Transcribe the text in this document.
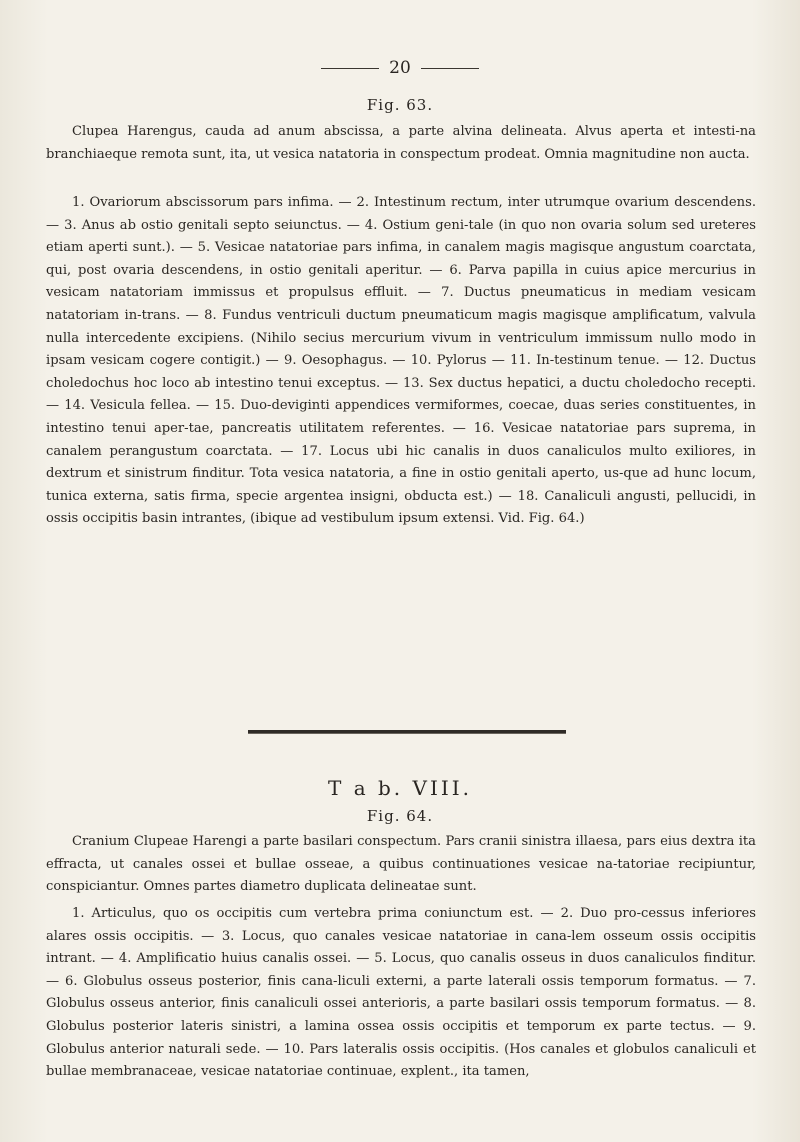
20
Fig. 63.

Clupea Harengus, cauda ad anum abscissa, a parte alvina delineata. Alvus aperta et intesti-na branchiaeque remota sunt, ita, ut vesica natatoria in conspectum prodeat. Omnia magnitudine non aucta.

1. Ovariorum abscissorum pars infima. — 2. Intestinum rectum, inter utrumque ovarium descendens. — 3. Anus ab ostio genitali septo seiunctus. — 4. Ostium geni-tale (in quo non ovaria solum sed ureteres etiam aperti sunt.). — 5. Vesicae natatoriae pars infima, in canalem magis magisque angustum coarctata, qui, post ovaria descendens, in ostio genitali aperitur. — 6. Parva papilla in cuius apice mercurius in vesicam natatoriam immissus et propulsus effluit. — 7. Ductus pneumaticus in mediam vesicam natatoriam in-trans. — 8. Fundus ventriculi ductum pneumaticum magis magisque amplificatum, valvula nulla intercedente excipiens. (Nihilo secius mercurium vivum in ventriculum immissum nullo modo in ipsam vesicam cogere contigit.) — 9. Oesophagus. — 10. Pylorus — 11. In-testinum tenue. — 12. Ductus choledochus hoc loco ab intestino tenui exceptus. — 13. Sex ductus hepatici, a ductu choledocho recepti. — 14. Vesicula fellea. — 15. Duo-deviginti appendices vermiformes, coecae, duas series constituentes, in intestino tenui aper-tae, pancreatis utilitatem referentes. — 16. Vesicae natatoriae pars suprema, in canalem perangustum coarctata. — 17. Locus ubi hic canalis in duos canaliculos multo exiliores, in dextrum et sinistrum finditur. Tota vesica natatoria, a fine in ostio genitali aperto, us-que ad hunc locum, tunica externa, satis firma, specie argentea insigni, obducta est.) — 18. Canaliculi angusti, pellucidi, in ossis occipitis basin intrantes, (ibique ad vestibulum ipsum extensi. Vid. Fig. 64.)

T a b. VIII.
Fig. 64.

Cranium Clupeae Harengi a parte basilari conspectum. Pars cranii sinistra illaesa, pars eius dextra ita effracta, ut canales ossei et bullae osseae, a quibus continuationes vesicae na-tatoriae recipiuntur, conspiciantur. Omnes partes diametro duplicata delineatae sunt.

1. Articulus, quo os occipitis cum vertebra prima coniunctum est. — 2. Duo pro-cessus inferiores alares ossis occipitis. — 3. Locus, quo canales vesicae natatoriae in cana-lem osseum ossis occipitis intrant. — 4. Amplificatio huius canalis ossei. — 5. Locus, quo canalis osseus in duos canaliculos finditur. — 6. Globulus osseus posterior, finis cana-liculi externi, a parte laterali ossis temporum formatus. — 7. Globulus osseus anterior, finis canaliculi ossei anterioris, a parte basilari ossis temporum formatus. — 8. Globulus posterior lateris sinistri, a lamina ossea ossis occipitis et temporum ex parte tectus. — 9. Globulus anterior naturali sede. — 10. Pars lateralis ossis occipitis. (Hos canales et globulos canaliculi et bullae membranaceae, vesicae natatoriae continuae, explent., ita tamen,
